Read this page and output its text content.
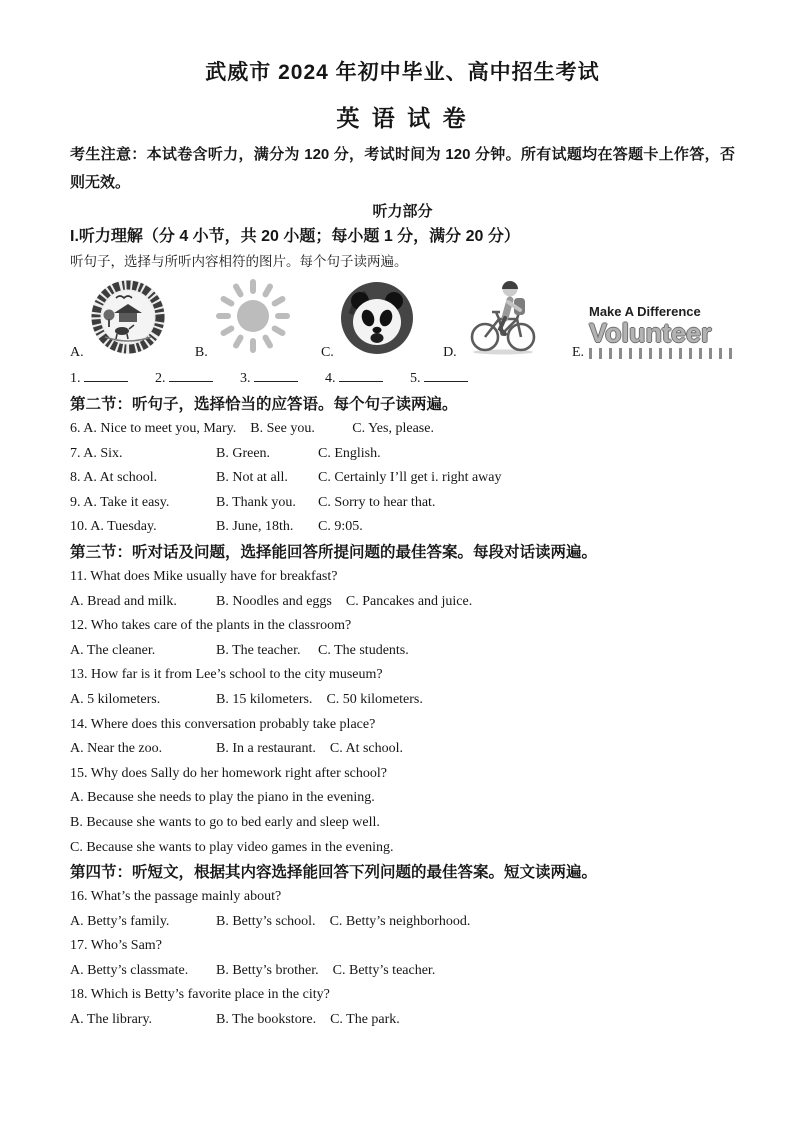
武威市 2024 年初中毕业、高中招生考试
英 语 试 卷

考生注意：本试卷含听力，满分为 120 分，考试时间为 120 分钟。所有试题均在答题卡上作答，否则无效。

听力部分
I.听力理解（分 4 小节，共 20 小题；每小题 1 分，满分 20 分）
听句子，选择与所听内容相符的图片。每个句子读两遍。
A.	B.	C.	D.	E.
Make A Difference
Volunteer
1.	2.	3.	4.	5.
第二节：听句子，选择恰当的应答语。每个句子读两遍。
6. A. Nice to meet you, Mary. B. See you.	C. Yes, please.
7. A. Six.	B. Green.	C. English.
8. A. At school.	B. Not at all. C. Certainly I’ll get i. right away
9. A. Take it easy.	B. Thank you. C. Sorry to hear that.
10. A. Tuesday.	B. June, 18th. C. 9:05.
第三节：听对话及问题，选择能回答所提问题的最佳答案。每段对话读两遍。
11. What does Mike usually have for breakfast?
A. Bread and milk.	B. Noodles and eggs C. Pancakes and juice.
12. Who takes care of the plants in the classroom?
A. The cleaner.	B. The teacher. C. The students.
13. How far is it from Lee’s school to the city museum?
A. 5 kilometers.	B. 15 kilometers. C. 50 kilometers.
14. Where does this conversation probably take place?
A. Near the zoo.	B. In a restaurant. C. At school.
15. Why does Sally do her homework right after school?
A. Because she needs to play the piano in the evening.
B. Because she wants to go to bed early and sleep well.
C. Because she wants to play video games in the evening.
第四节：听短文，根据其内容选择能回答下列问题的最佳答案。短文读两遍。
16. What’s the passage mainly about?
A. Betty’s family.	B. Betty’s school. C. Betty’s neighborhood.
17. Who’s Sam?
A. Betty’s classmate. B. Betty’s brother. C. Betty’s teacher.
18. Which is Betty’s favorite place in the city?
A. The library.	B. The bookstore. C. The park.
